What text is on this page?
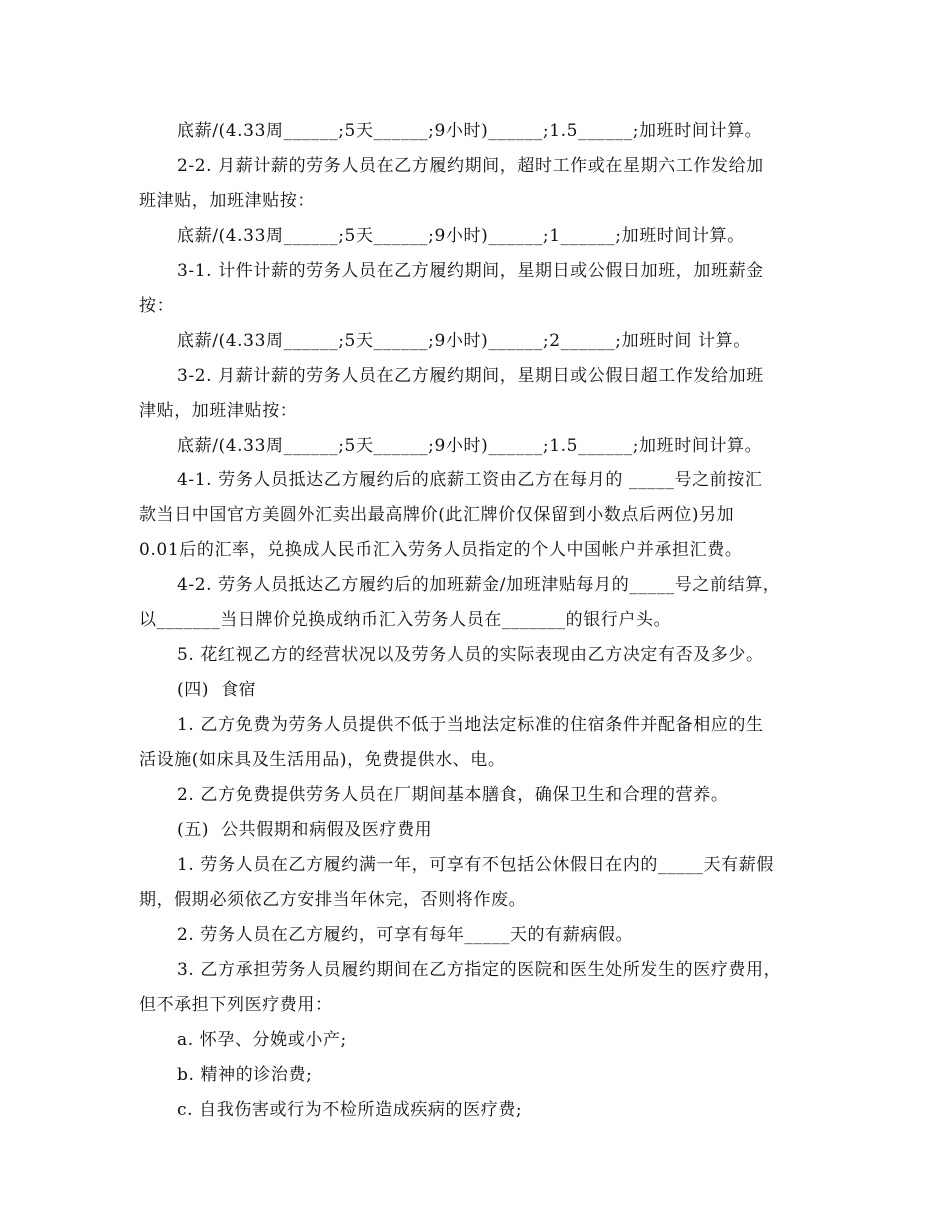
底薪/(4.33周______;5天______;9小时)______;1.5______;加班时间计算。
2-2. 月薪计薪的劳务人员在乙方履约期间，超时工作或在星期六工作发给加
班津贴，加班津贴按：
底薪/(4.33周______;5天______;9小时)______;1______;加班时间计算。
3-1. 计件计薪的劳务人员在乙方履约期间，星期日或公假日加班，加班薪金
按：
底薪/(4.33周______;5天______;9小时)______;2______;加班时间 计算。
3-2. 月薪计薪的劳务人员在乙方履约期间，星期日或公假日超工作发给加班
津贴，加班津贴按：
底薪/(4.33周______;5天______;9小时)______;1.5______;加班时间计算。
4-1. 劳务人员抵达乙方履约后的底薪工资由乙方在每月的 _____号之前按汇
款当日中国官方美圆外汇卖出最高牌价(此汇牌价仅保留到小数点后两位)另加
0.01后的汇率，兑换成人民币汇入劳务人员指定的个人中国帐户并承担汇费。
4-2. 劳务人员抵达乙方履约后的加班薪金/加班津贴每月的_____号之前结算，
以_______当日牌价兑换成纳币汇入劳务人员在_______的银行户头。
5. 花红视乙方的经营状况以及劳务人员的实际表现由乙方决定有否及多少。
(四)  食宿
1. 乙方免费为劳务人员提供不低于当地法定标准的住宿条件并配备相应的生
活设施(如床具及生活用品)，免费提供水、电。
2. 乙方免费提供劳务人员在厂期间基本膳食，确保卫生和合理的营养。
(五)  公共假期和病假及医疗费用
1. 劳务人员在乙方履约满一年，可享有不包括公休假日在内的_____天有薪假
期，假期必须依乙方安排当年休完，否则将作废。
2. 劳务人员在乙方履约，可享有每年_____天的有薪病假。
3. 乙方承担劳务人员履约期间在乙方指定的医院和医生处所发生的医疗费用，
但不承担下列医疗费用：
a. 怀孕、分娩或小产;
b. 精神的诊治费;
c. 自我伤害或行为不检所造成疾病的医疗费;
